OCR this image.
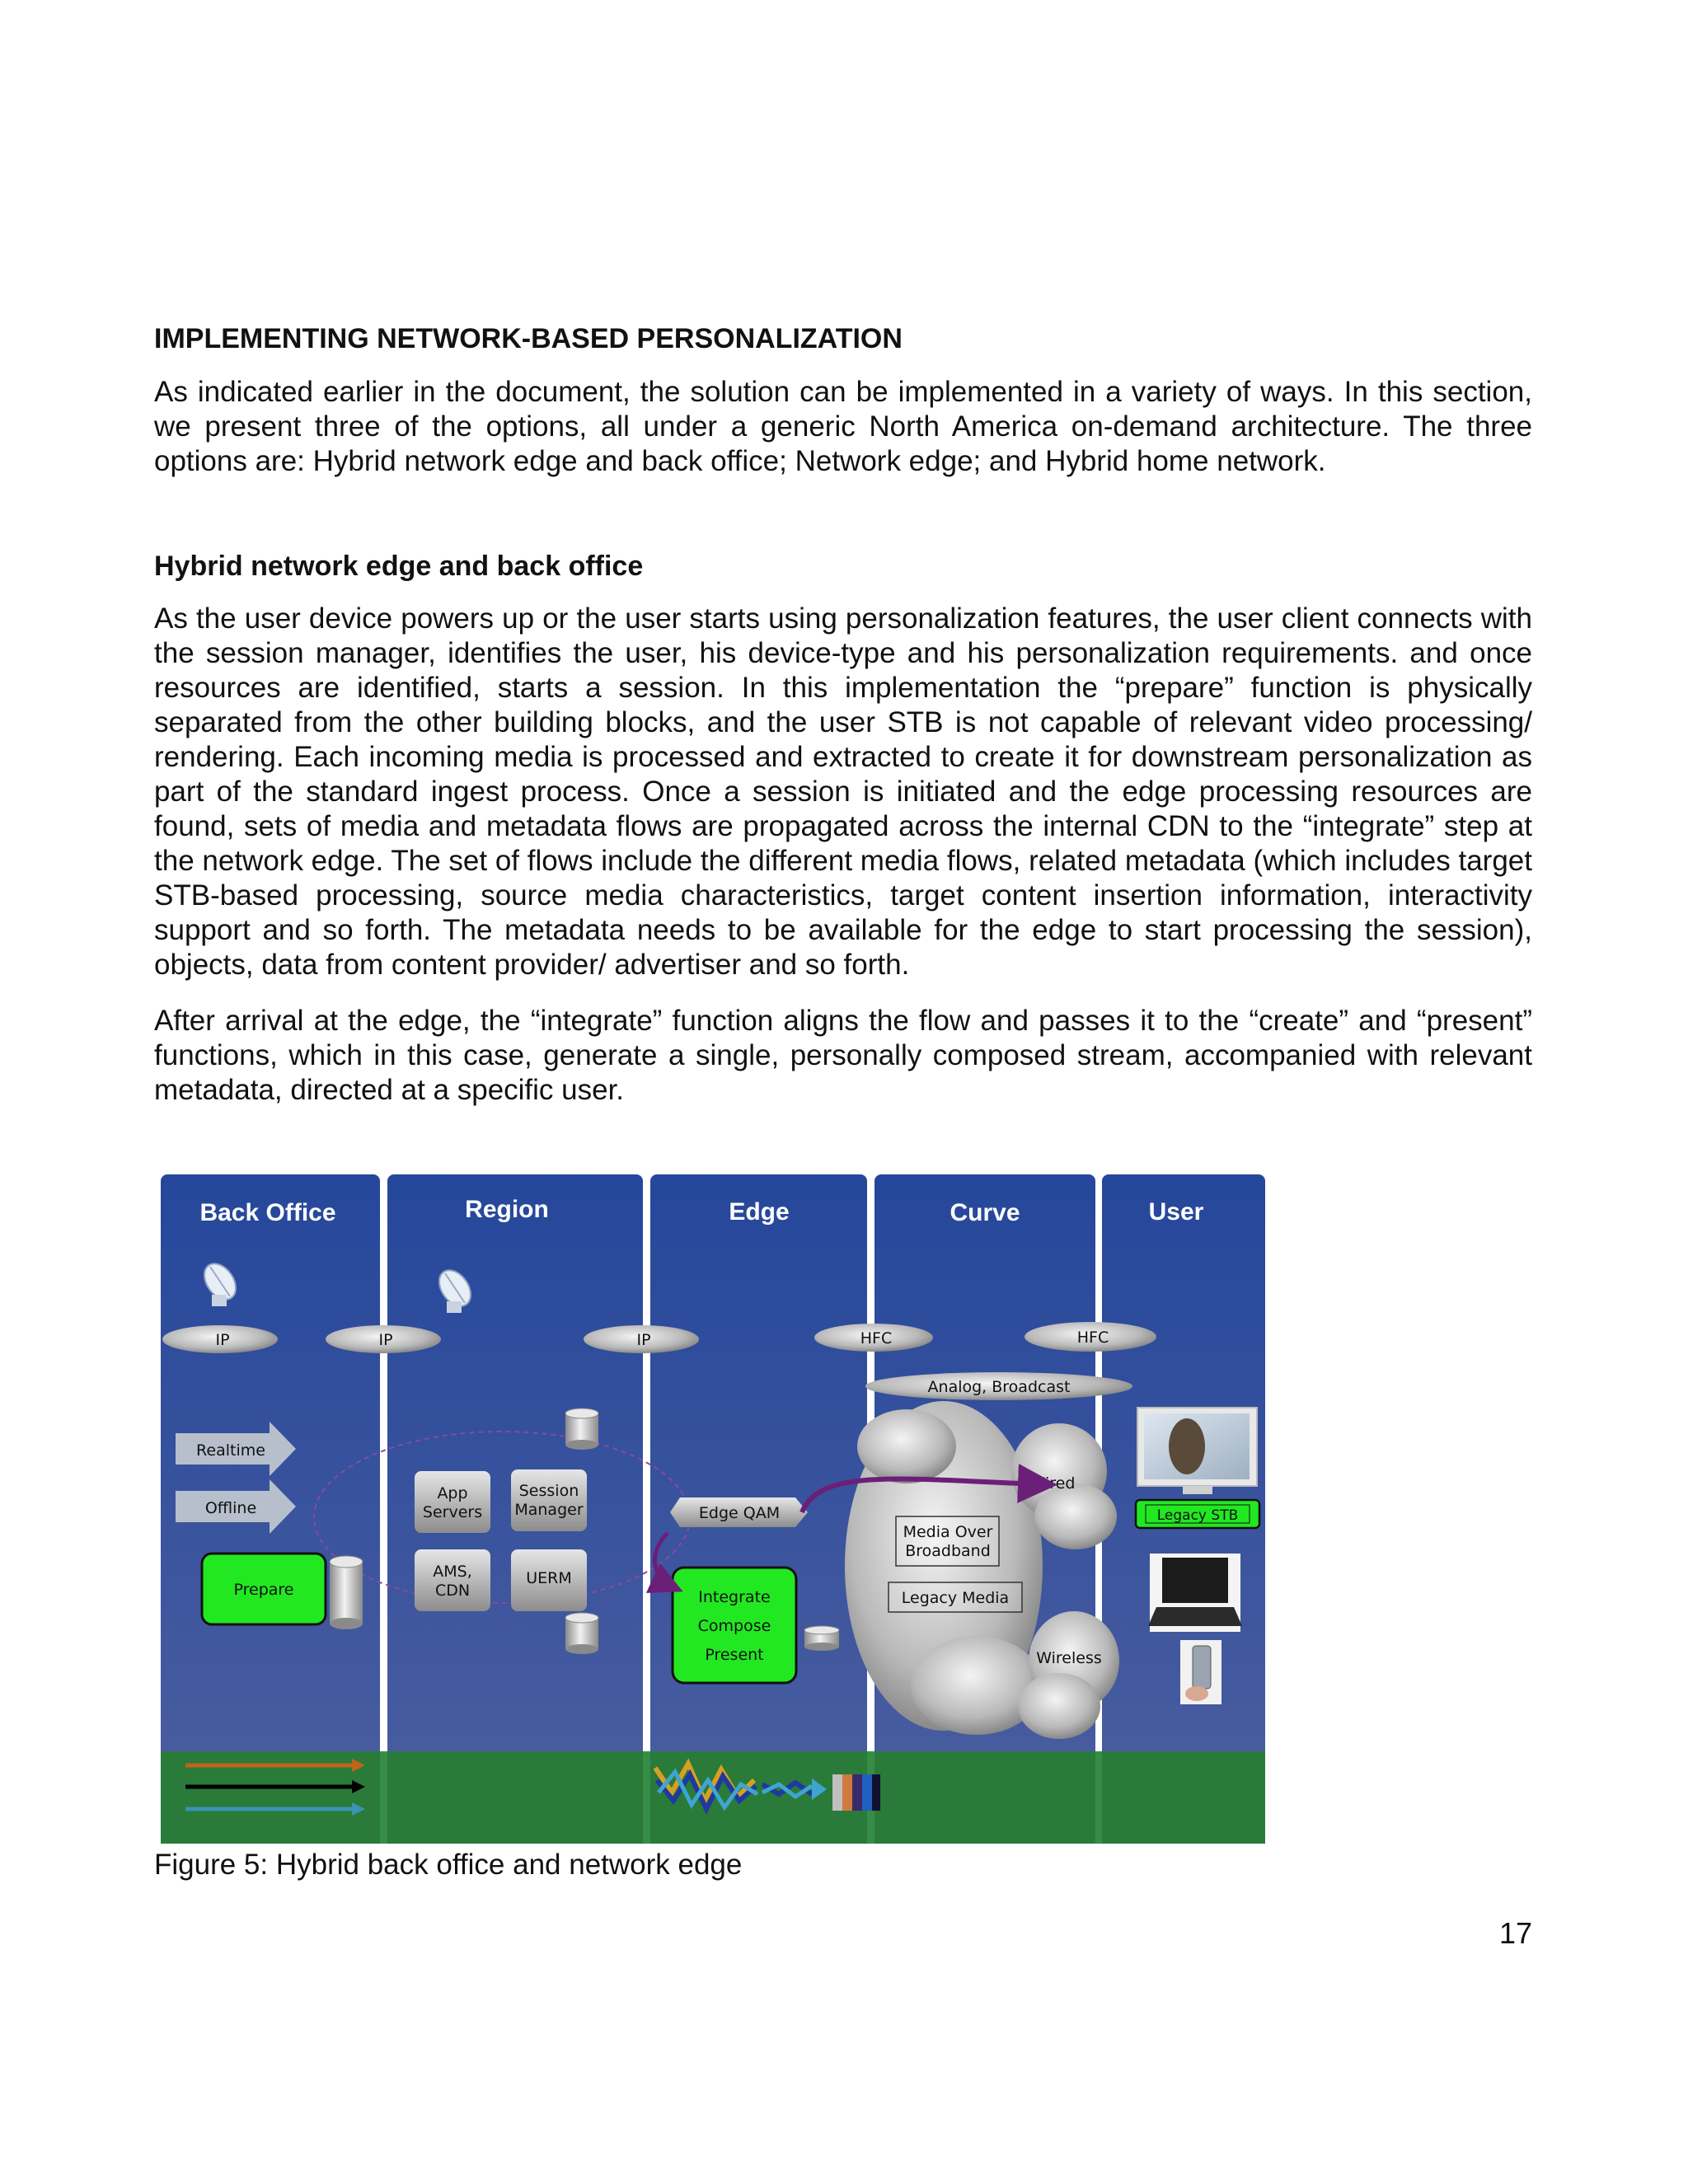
IMPLEMENTING NETWORK-BASED PERSONALIZATION

As indicated earlier in the document, the solution can be implemented in a variety of ways. In this section, we present three of the options, all under a generic North America on-demand architecture. The three options are: Hybrid network edge and back office; Network edge; and Hybrid home network.

Hybrid network edge and back office

As the user device powers up or the user starts using personalization features, the user client connects with the session manager, identifies the user, his device-type and his personalization requirements. and once resources are identified, starts a session. In this implementation the “prepare” function is physically separated from the other building blocks, and the user STB is not capable of relevant video processing/ rendering. Each incoming media is processed and extracted to create it for downstream personalization as part of the standard ingest process. Once a session is initiated and the edge processing resources are found, sets of media and metadata flows are propagated across the internal CDN to the “integrate” step at the network edge. The set of flows include the different media flows, related metadata (which includes target STB-based processing, source media characteristics, target content insertion information, interactivity support and so forth. The metadata needs to be available for the edge to start processing the session), objects, data from content provider/ advertiser and so forth.

After arrival at the edge, the “integrate” function aligns the flow and passes it to the “create” and “present” functions, which in this case, generate a single, personally composed stream, accompanied with relevant metadata, directed at a specific user.

Back Office	Region	Edge	Curve	User
IP	IP	IP	HFC	HFC
Analog, Broadcast
Realtime
Offline
Prepare
App
Servers
Session
Manager
AMS,
CDN
UERM
Edge QAM
Integrate
Compose
Present
Media Over
Broadband
Legacy Media
Wired
Wireless
Legacy STB

Figure 5: Hybrid back office and network edge

17
